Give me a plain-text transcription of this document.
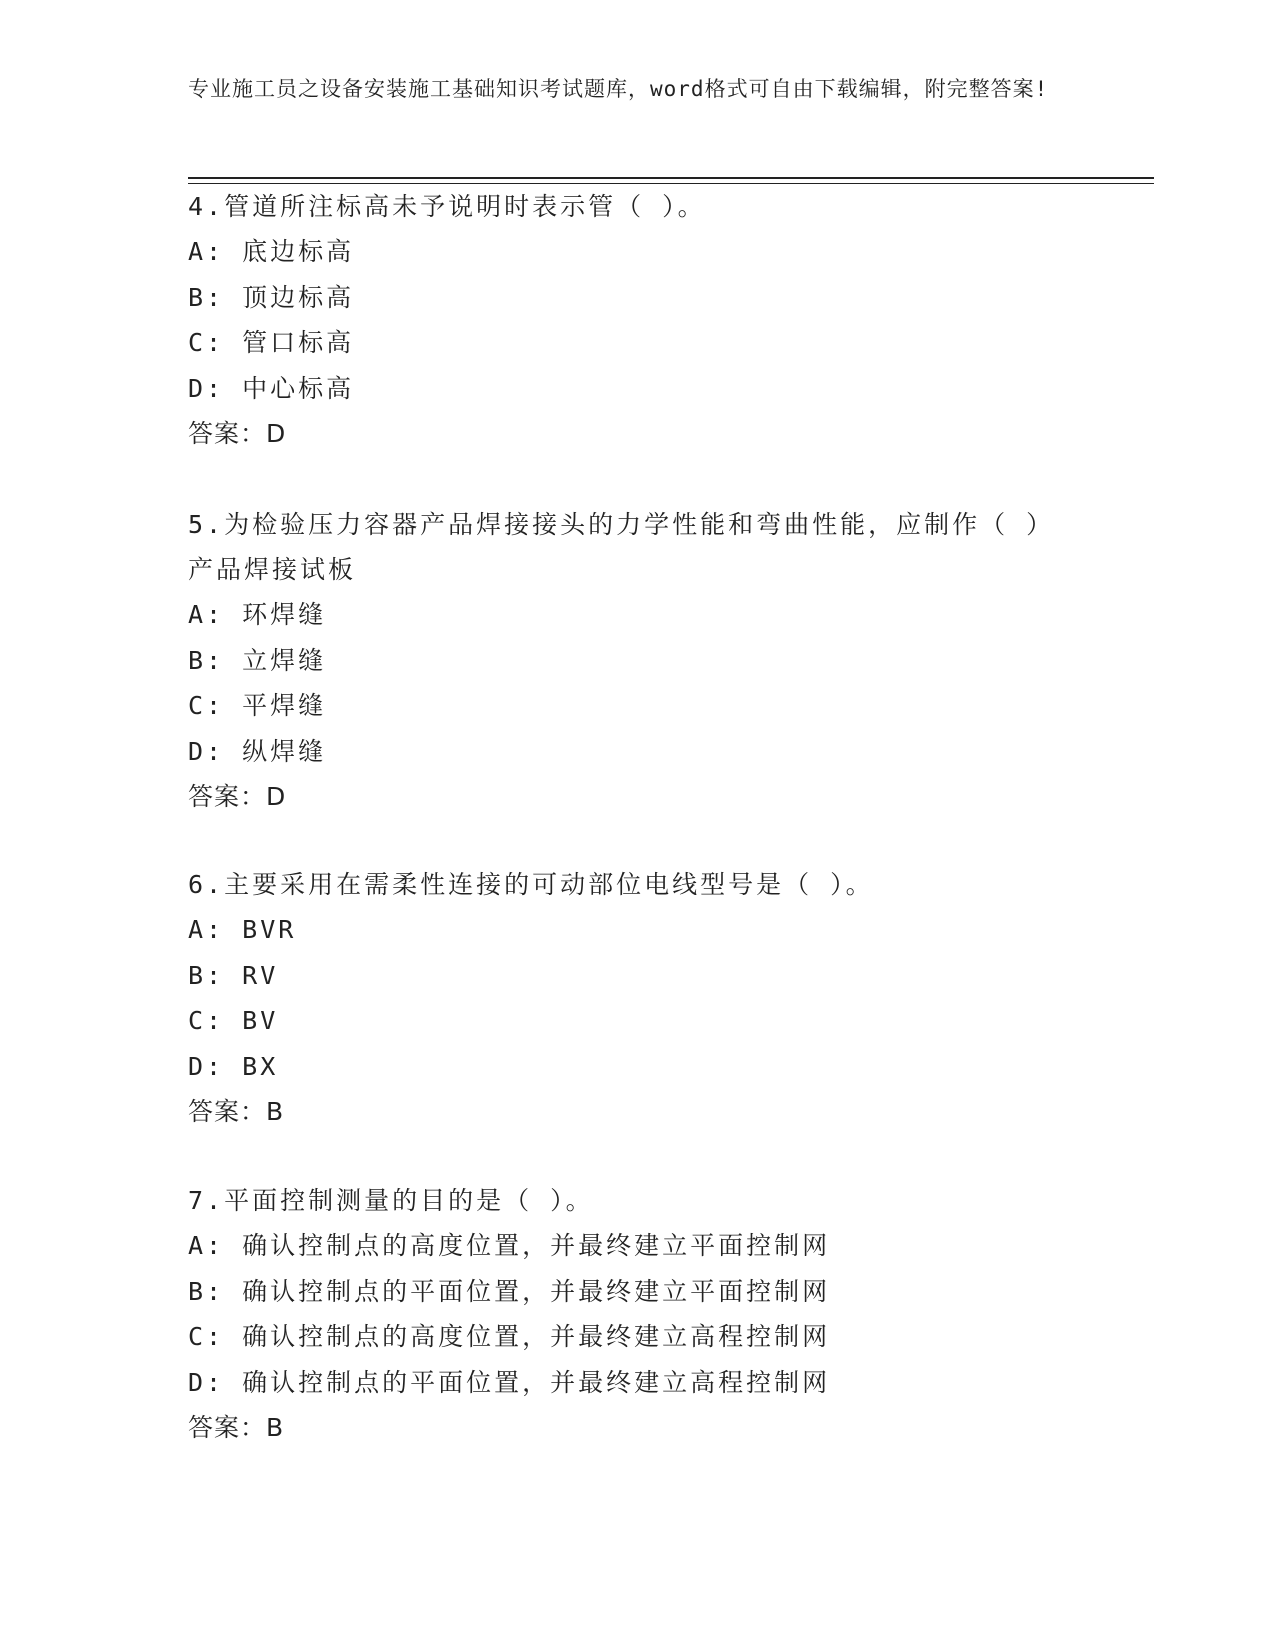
专业施工员之设备安装施工基础知识考试题库，word格式可自由下载编辑，附完整答案!

4.管道所注标高未予说明时表示管（ ）。

A: 底边标高

B: 顶边标高

C: 管口标高

D: 中心标高

答案：D

5.为检验压力容器产品焊接接头的力学性能和弯曲性能，应制作（ ）产品焊接试板

A: 环焊缝

B: 立焊缝

C: 平焊缝

D: 纵焊缝

答案：D

6.主要采用在需柔性连接的可动部位电线型号是（ ）。

A: BVR

B: RV

C: BV

D: BX

答案：B

7.平面控制测量的目的是（ ）。

A: 确认控制点的高度位置，并最终建立平面控制网

B: 确认控制点的平面位置，并最终建立平面控制网

C: 确认控制点的高度位置，并最终建立高程控制网

D: 确认控制点的平面位置，并最终建立高程控制网

答案：B
